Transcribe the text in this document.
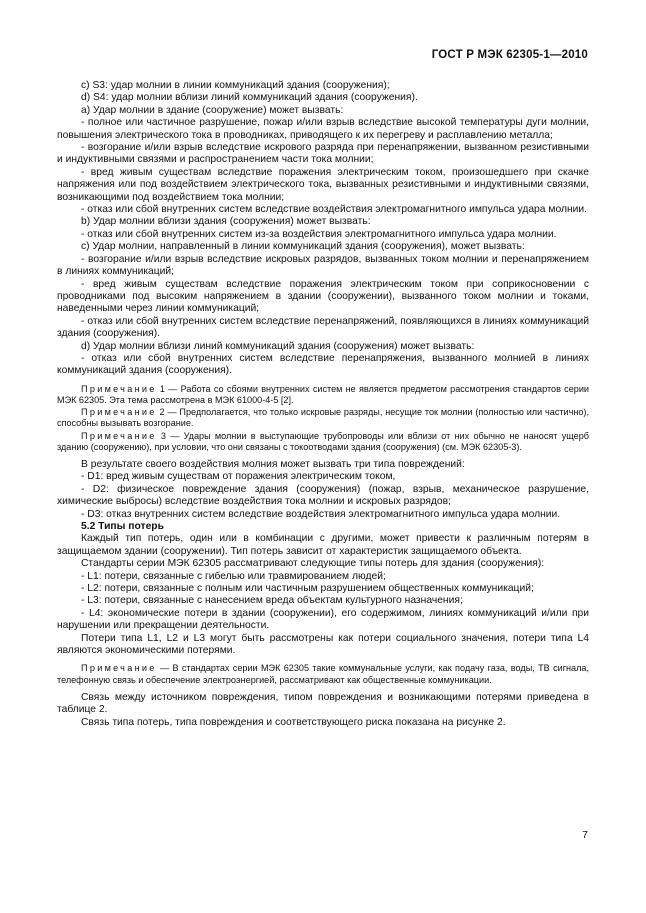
ГОСТ Р МЭК 62305-1—2010

c) S3: удар молнии в линии коммуникаций здания (сооружения);

d) S4: удар молнии вблизи линий коммуникаций здания (сооружения).

a) Удар молнии в здание (сооружение) может вызвать:

- полное или частичное разрушение, пожар и/или взрыв вследствие высокой температуры дуги молнии, повышения электрического тока в проводниках, приводящего к их перегреву и расплавлению металла;

- возгорание и/или взрыв вследствие искрового разряда при перенапряжении, вызванном резистивными и индуктивными связями и распространением части тока молнии;

- вред живым существам вследствие поражения электрическим током, произошедшего при скачке напряжения или под воздействием электрического тока, вызванных резистивными и индуктивными связями, возникающими под воздействием тока молнии;

- отказ или сбой внутренних систем вследствие воздействия электромагнитного импульса удара молнии.

b) Удар молнии вблизи здания (сооружения) может вызвать:

- отказ или сбой внутренних систем из-за воздействия электромагнитного импульса удара молнии.

c) Удар молнии, направленный в линии коммуникаций здания (сооружения), может вызвать:

- возгорание и/или взрыв вследствие искровых разрядов, вызванных током молнии и перенапряжением в линиях коммуникаций;

- вред живым существам вследствие поражения электрическим током при соприкосновении с проводниками под высоким напряжением в здании (сооружении), вызванного током молнии и токами, наведенными через линии коммуникаций;

- отказ или сбой внутренних систем вследствие перенапряжений, появляющихся в линиях коммуникаций здания (сооружения).

d) Удар молнии вблизи линий коммуникаций здания (сооружения) может вызвать:

- отказ или сбой внутренних систем вследствие перенапряжения, вызванного молнией в линиях коммуникаций здания (сооружения).

Примечание 1 — Работа со сбоями внутренних систем не является предметом рассмотрения стандартов серии МЭК 62305. Эта тема рассмотрена в МЭК 61000-4-5 [2].

Примечание 2 — Предполагается, что только искровые разряды, несущие ток молнии (полностью или частично), способны вызывать возгорание.

Примечание 3 — Удары молнии в выступающие трубопроводы или вблизи от них обычно не наносят ущерб зданию (сооружению), при условии, что они связаны с токоотводами здания (сооружения) (см. МЭК 62305-3).

В результате своего воздействия молния может вызвать три типа повреждений:

- D1: вред живым существам от поражения электрическим током,

- D2: физическое повреждение здания (сооружения) (пожар, взрыв, механическое разрушение, химические выбросы) вследствие воздействия тока молнии и искровых разрядов;

- D3: отказ внутренних систем вследствие воздействия электромагнитного импульса удара молнии.

5.2 Типы потерь

Каждый тип потерь, один или в комбинации с другими, может привести к различным потерям в защищаемом здании (сооружении). Тип потерь зависит от характеристик защищаемого объекта.

Стандарты серии МЭК 62305 рассматривают следующие типы потерь для здания (сооружения):

- L1: потери, связанные с гибелью или травмированием людей;

- L2: потери, связанные с полным или частичным разрушением общественных коммуникаций;

- L3: потери, связанные с нанесением вреда объектам культурного назначения;

- L4: экономические потери в здании (сооружении), его содержимом, линиях коммуникаций и/или при нарушении или прекращении деятельности.

Потери типа L1, L2 и L3 могут быть рассмотрены как потери социального значения, потери типа L4 являются экономическими потерями.

Примечание — В стандартах серии МЭК 62305 такие коммунальные услуги, как подачу газа, воды, ТВ сигнала, телефонную связь и обеспечение электроэнергией, рассматривают как общественные коммуникации.

Связь между источником повреждения, типом повреждения и возникающими потерями приведена в таблице 2.

Связь типа потерь, типа повреждения и соответствующего риска показана на рисунке 2.

7
